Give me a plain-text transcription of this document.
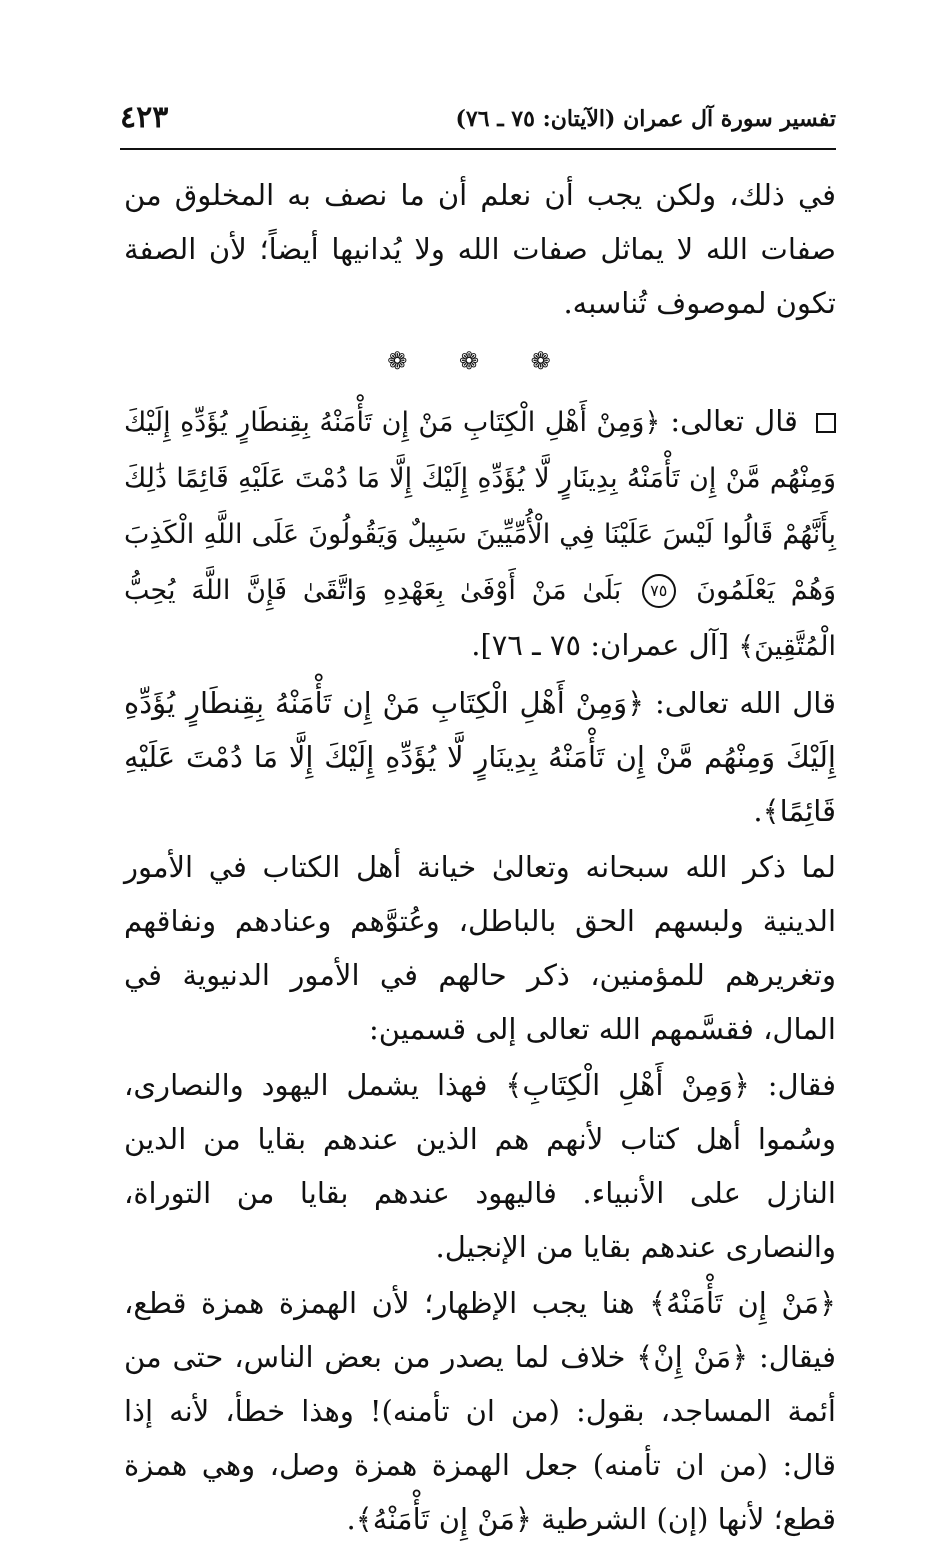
تفسير سورة آل عمران (الآيتان: ٧٥ ـ ٧٦)
٤٢٣

في ذلك، ولكن يجب أن نعلم أن ما نصف به المخلوق من صفات الله لا يماثل صفات الله ولا يُدانيها أيضاً؛ لأن الصفة تكون لموصوف تُناسبه.

❁ ❁ ❁

قال تعالى: ﴿وَمِنْ أَهْلِ الْكِتَابِ مَنْ إِن تَأْمَنْهُ بِقِنطَارٍ يُؤَدِّهِ إِلَيْكَ وَمِنْهُم مَّنْ إِن تَأْمَنْهُ بِدِينَارٍ لَّا يُؤَدِّهِ إِلَيْكَ إِلَّا مَا دُمْتَ عَلَيْهِ قَائِمًا ذَٰلِكَ بِأَنَّهُمْ قَالُوا لَيْسَ عَلَيْنَا فِي الْأُمِّيِّينَ سَبِيلٌ وَيَقُولُونَ عَلَى اللَّهِ الْكَذِبَ وَهُمْ يَعْلَمُونَ ٧٥ بَلَىٰ مَنْ أَوْفَىٰ بِعَهْدِهِ وَاتَّقَىٰ فَإِنَّ اللَّهَ يُحِبُّ الْمُتَّقِينَ﴾ [آل عمران: ٧٥ ـ ٧٦].

قال الله تعالى: ﴿وَمِنْ أَهْلِ الْكِتَابِ مَنْ إِن تَأْمَنْهُ بِقِنطَارٍ يُؤَدِّهِ إِلَيْكَ وَمِنْهُم مَّنْ إِن تَأْمَنْهُ بِدِينَارٍ لَّا يُؤَدِّهِ إِلَيْكَ إِلَّا مَا دُمْتَ عَلَيْهِ قَائِمًا﴾.

لما ذكر الله سبحانه وتعالىٰ خيانة أهل الكتاب في الأمور الدينية ولبسهم الحق بالباطل، وعُتوَّهم وعنادهم ونفاقهم وتغريرهم للمؤمنين، ذكر حالهم في الأمور الدنيوية في المال، فقسَّمهم الله تعالى إلى قسمين:

فقال: ﴿وَمِنْ أَهْلِ الْكِتَابِ﴾ فهذا يشمل اليهود والنصارى، وسُموا أهل كتاب لأنهم هم الذين عندهم بقايا من الدين النازل على الأنبياء. فاليهود عندهم بقايا من التوراة، والنصارى عندهم بقايا من الإنجيل.

﴿مَنْ إِن تَأْمَنْهُ﴾ هنا يجب الإظهار؛ لأن الهمزة همزة قطع، فيقال: ﴿مَنْ إِنْ﴾ خلاف لما يصدر من بعض الناس، حتى من أئمة المساجد، بقول: (من ان تأمنه)! وهذا خطأ، لأنه إذا قال: (من ان تأمنه) جعل الهمزة همزة وصل، وهي همزة قطع؛ لأنها (إن) الشرطية ﴿مَنْ إِن تَأْمَنْهُ﴾.
